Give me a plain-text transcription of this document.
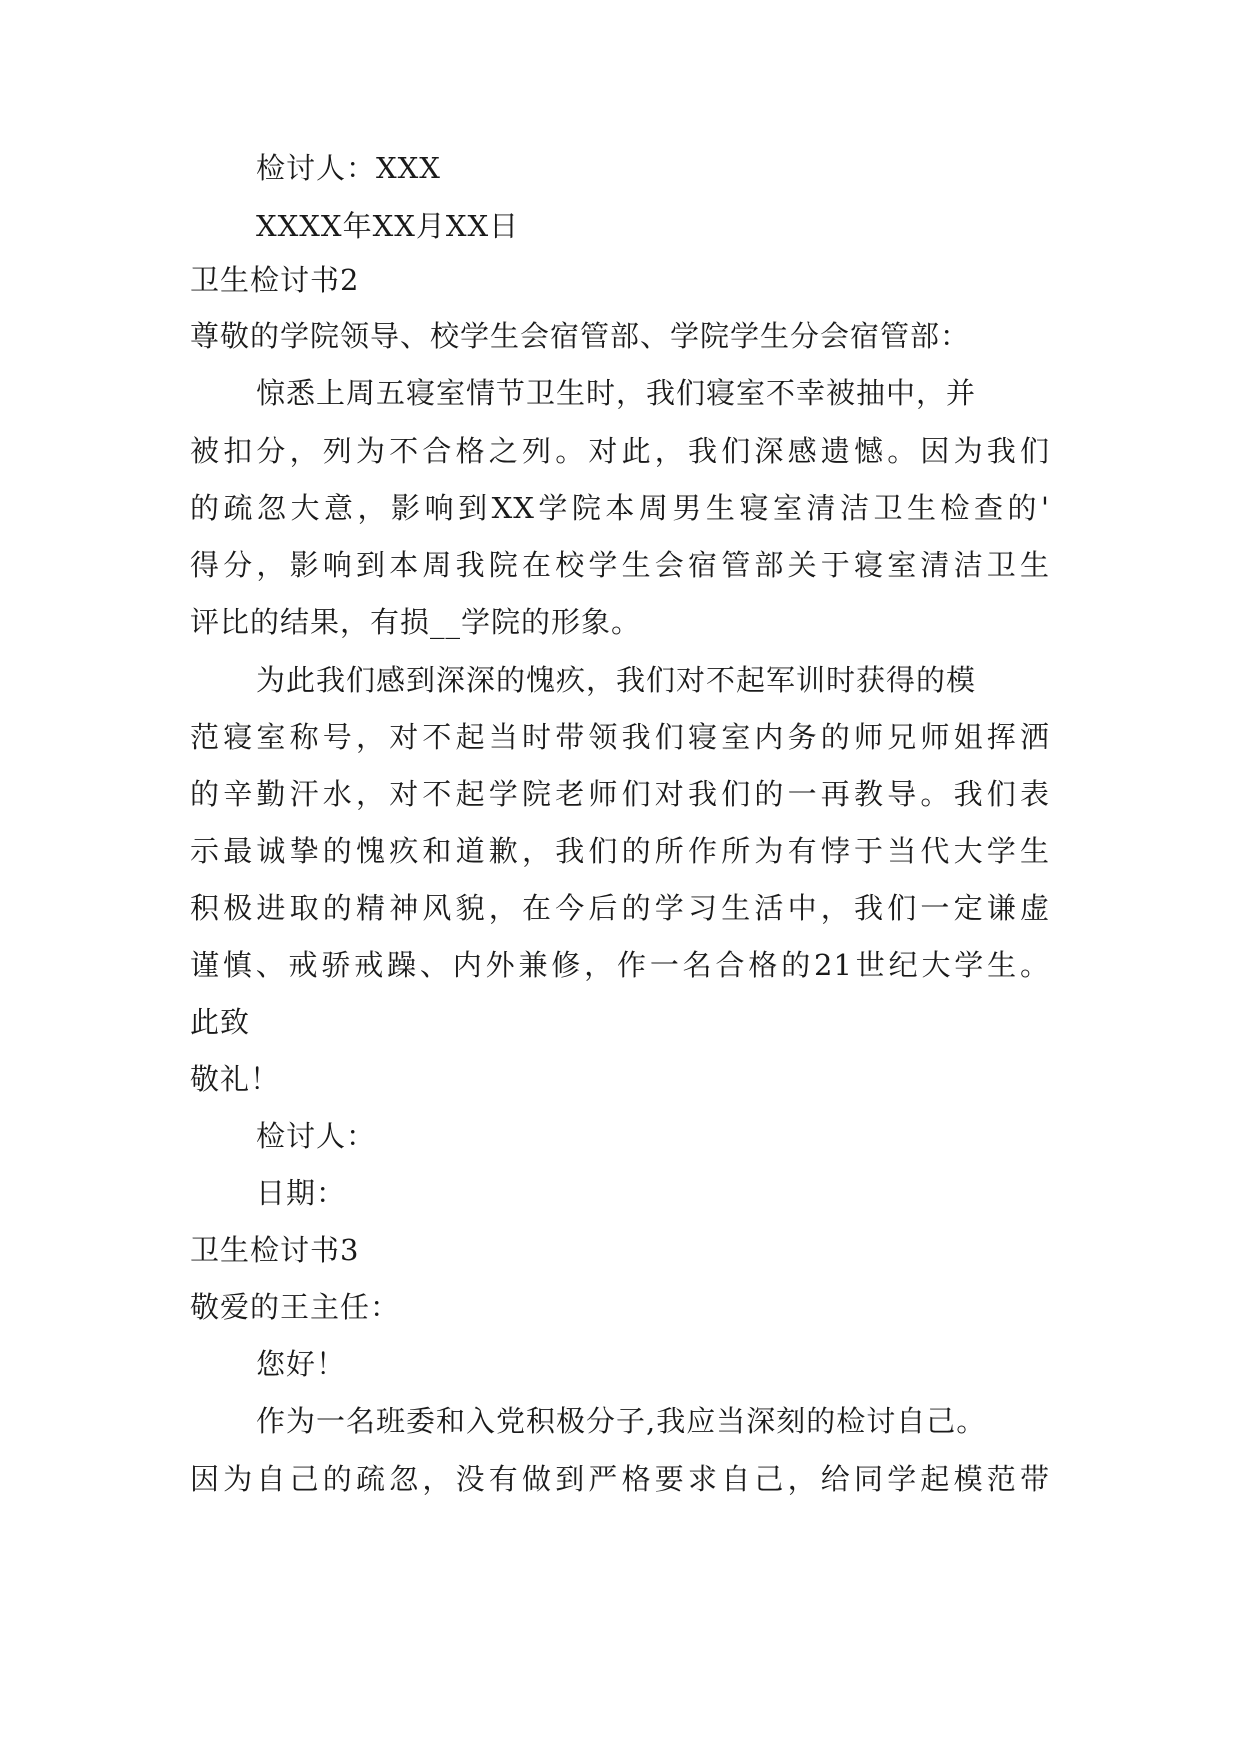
检讨人：XXX
XXXX年XX月XX日
卫生检讨书2
尊敬的学院领导、校学生会宿管部、学院学生分会宿管部：
惊悉上周五寝室情节卫生时，我们寝室不幸被抽中，并
被扣分，列为不合格之列。对此，我们深感遗憾。因为我们
的疏忽大意，影响到XX学院本周男生寝室清洁卫生检查的'
得分，影响到本周我院在校学生会宿管部关于寝室清洁卫生
评比的结果，有损__学院的形象。
为此我们感到深深的愧疚，我们对不起军训时获得的模
范寝室称号，对不起当时带领我们寝室内务的师兄师姐挥洒
的辛勤汗水，对不起学院老师们对我们的一再教导。我们表
示最诚挚的愧疚和道歉，我们的所作所为有悖于当代大学生
积极进取的精神风貌，在今后的学习生活中，我们一定谦虚
谨慎、戒骄戒躁、内外兼修，作一名合格的21世纪大学生。
此致
敬礼！
检讨人：
日期：
卫生检讨书3
敬爱的王主任：
您好！
作为一名班委和入党积极分子,我应当深刻的检讨自己。
因为自己的疏忽，没有做到严格要求自己，给同学起模范带
